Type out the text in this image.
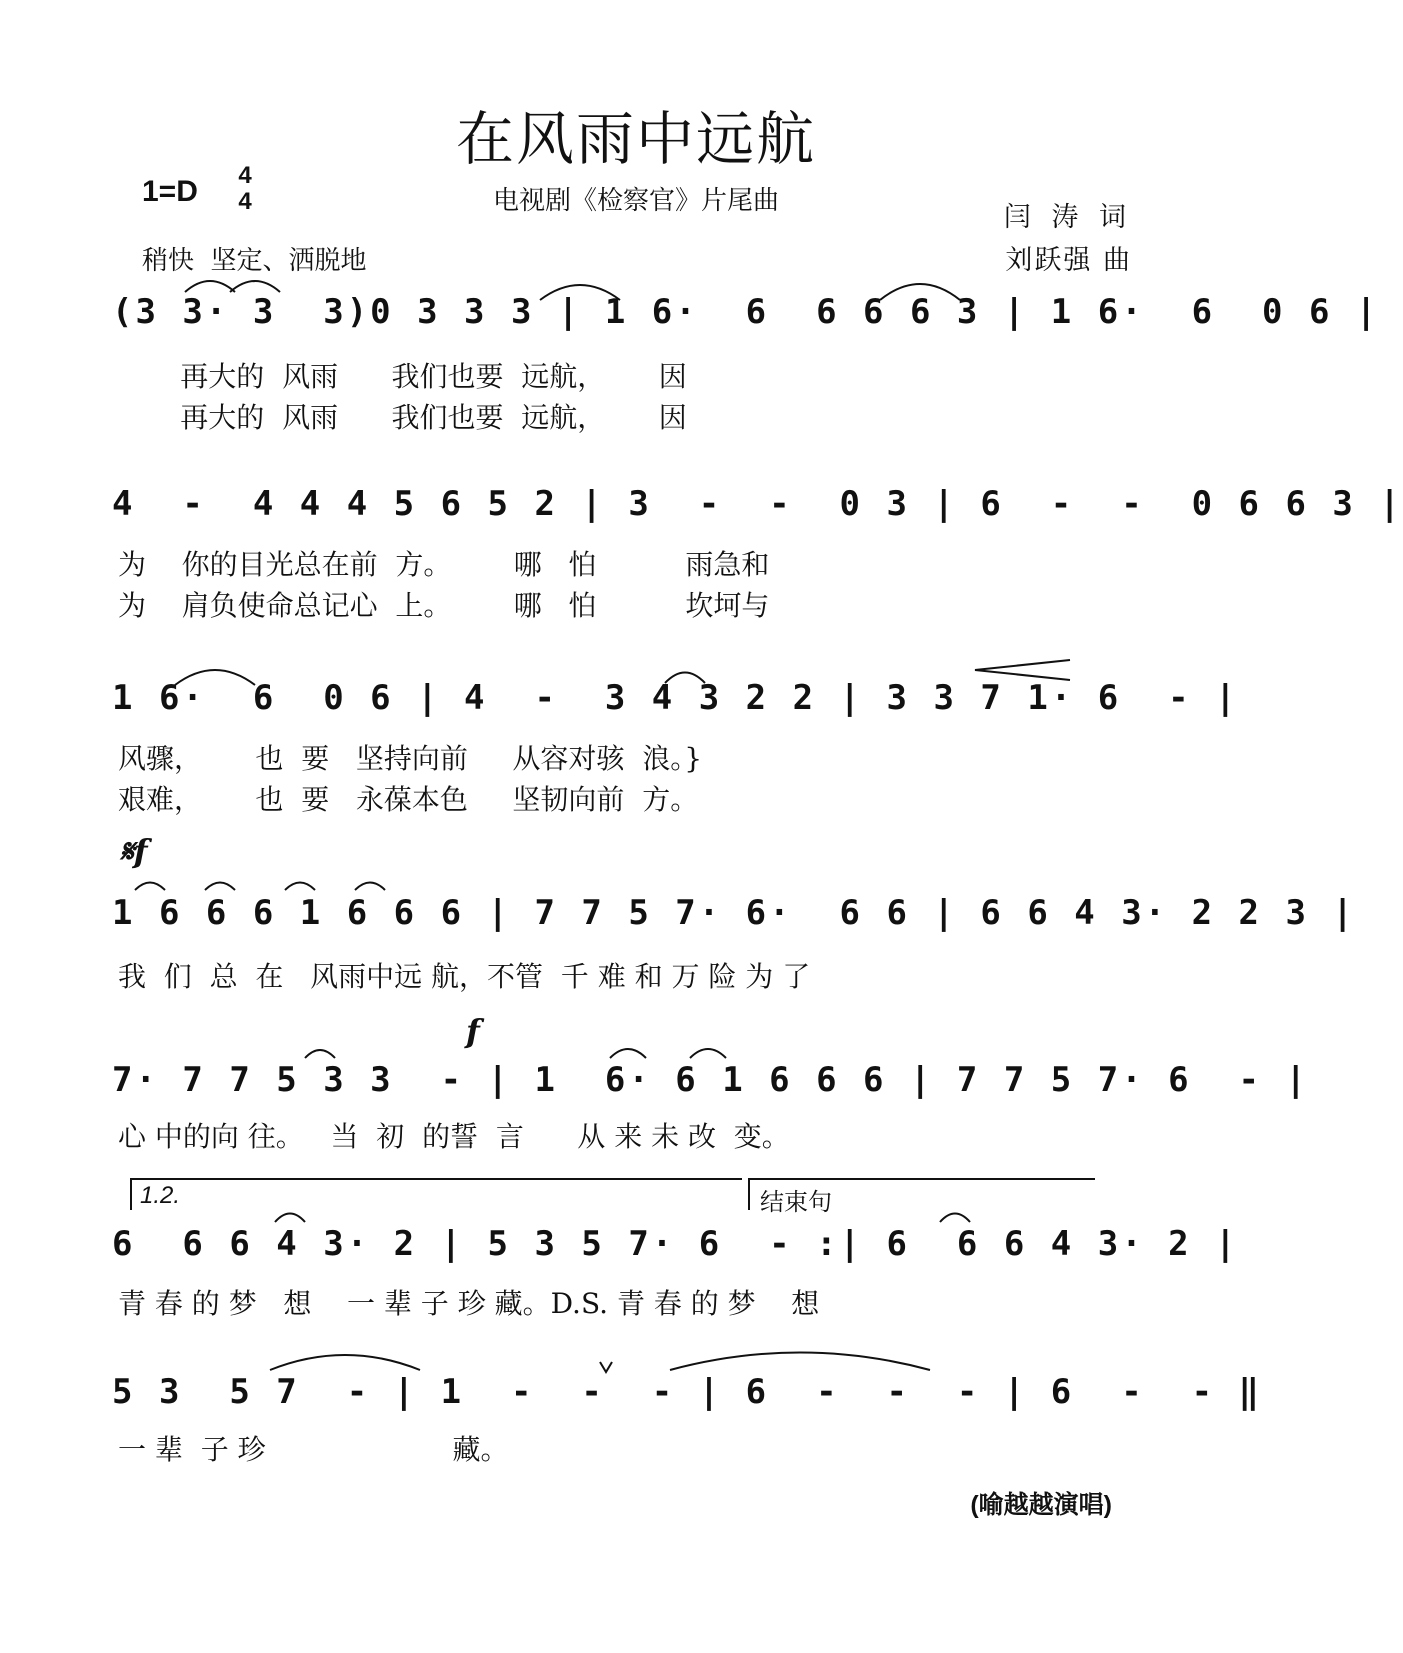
在风雨中远航
1=D 4
4	电视剧《检察官》片尾曲
稍快  坚定、洒脱地
闫 涛 词
刘跃强 曲
(3 3· 3  3)0 3 3 3 | 1 6·  6  6 6 6 3 | 1 6·  6  0 6 |
再大的  风雨      我们也要  远航，      因
再大的  风雨      我们也要  远航，      因
4  -  4 4 4 5 6 5 2 | 3  -  -  0 3 | 6  -  -  0 6 6 3 |
为    你的目光总在前  方。       哪   怕          雨急和
为    肩负使命总记心  上。       哪   怕          坎坷与
1 6·  6  0 6 | 4  -  3 4 3 2 2 | 3 3 7 1· 6  - |
风骤，      也  要   坚持向前     从容对骇  浪。}
艰难，      也  要   永葆本色     坚韧向前  方。
𝄋f
1 6 6 6 1 6 6 6 | 7 7 5 7· 6·  6 6 | 6 6 4 3· 2 2 3 |
我  们  总  在   风雨中远 航，不管  千 难 和 万 险 为 了
f
7· 7 7 5 3 3  - | 1  6· 6 1 6 6 6 | 7 7 5 7· 6  - |
心 中的向 往。   当  初  的誓  言      从 来 未 改  变。
1.2.	结束句
6  6 6 4 3· 2 | 5 3 5 7· 6  - :| 6  6 6 4 3· 2 |
青 春 的 梦   想    一 辈 子 珍 藏。D.S. 青 春 的 梦    想
5 3  5 7  - | 1  -  -  - | 6  -  -  - | 6  -  - ‖
一 辈  子 珍                     藏。
(喻越越演唱)
